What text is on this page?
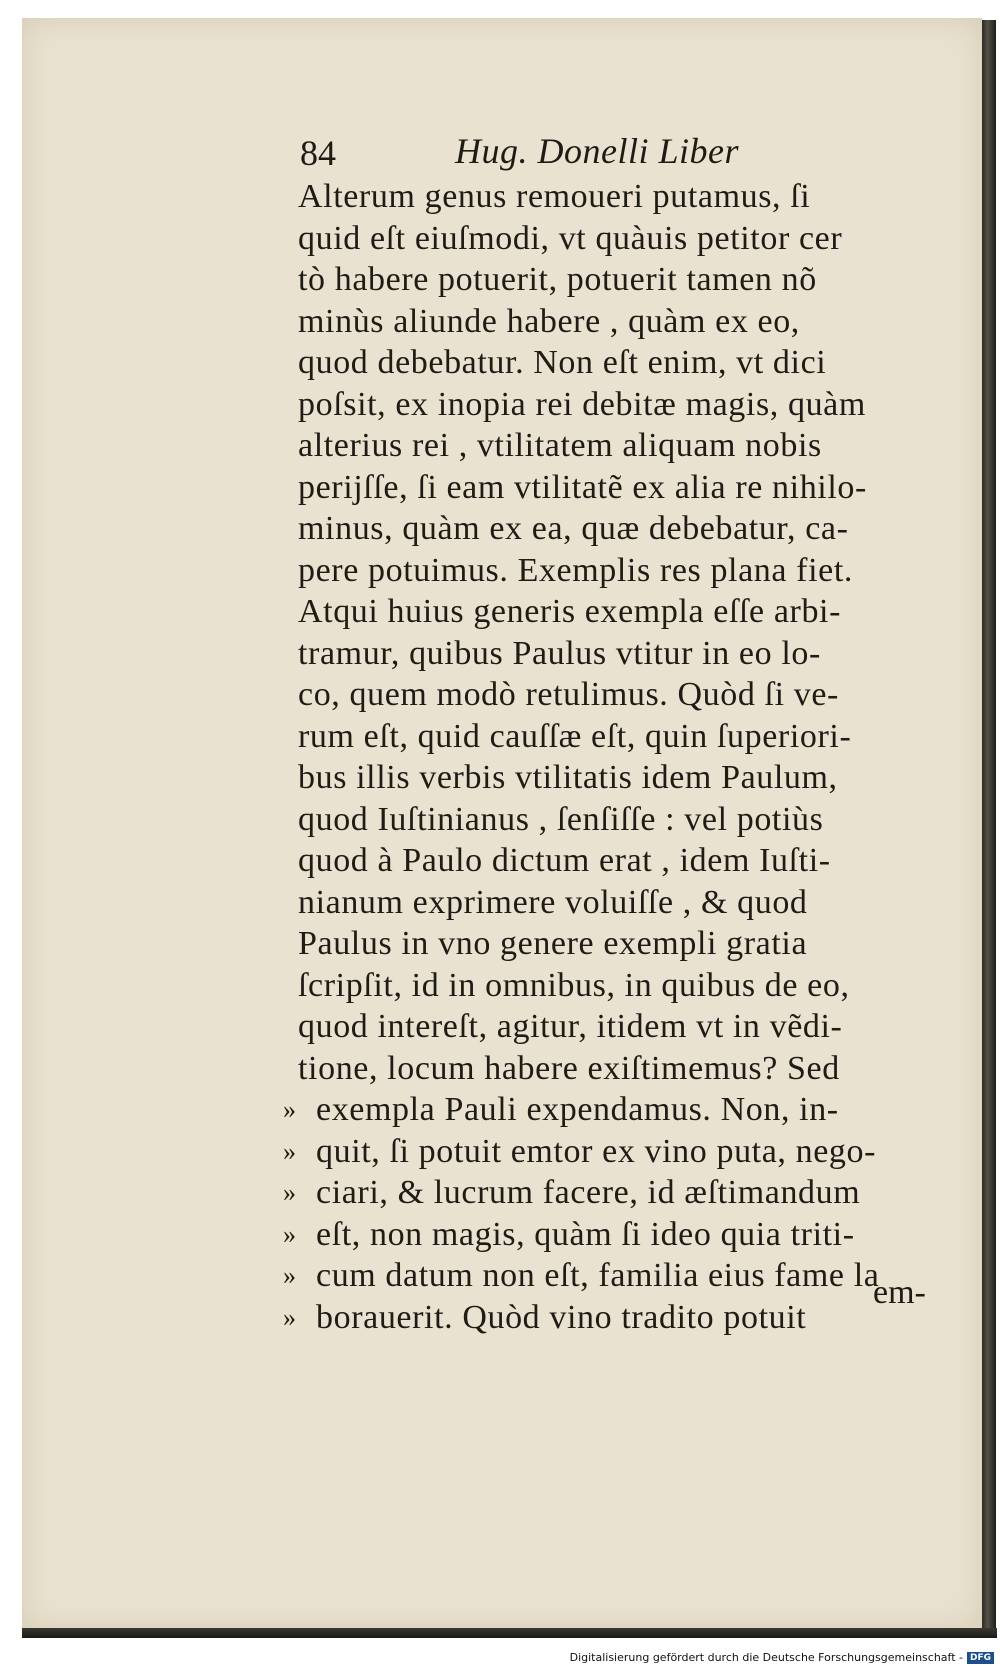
84	Hug. Donelli Liber
Alterum genus remoueri putamus, ſi
quid eſt eiuſmodi, vt quàuis petitor cer
tò habere potuerit, potuerit tamen nõ
minùs aliunde habere , quàm ex eo,
quod debebatur. Non eſt enim, vt dici
poſsit, ex inopia rei debitæ magis, quàm
alterius rei , vtilitatem aliquam nobis
perijſſe, ſi eam vtilitatẽ ex alia re nihilo-
minus, quàm ex ea, quæ debebatur, ca-
pere potuimus. Exemplis res plana fiet.
Atqui huius generis exempla eſſe arbi-
tramur, quibus Paulus vtitur in eo lo-
co, quem modò retulimus. Quòd ſi ve-
rum eſt, quid cauſſæ eſt, quin ſuperiori-
bus illis verbis vtilitatis idem Paulum,
quod Iuſtinianus , ſenſiſſe : vel potiùs
quod à Paulo dictum erat , idem Iuſti-
nianum exprimere voluiſſe , & quod
Paulus in vno genere exempli gratia
ſcripſit, id in omnibus, in quibus de eo,
quod intereſt, agitur, itidem vt in vẽdi-
tione, locum habere exiſtimemus? Sed
» exempla Pauli expendamus. Non, in-
» quit, ſi potuit emtor ex vino puta, nego-
» ciari, & lucrum facere, id æſtimandum
» eſt, non magis, quàm ſi ideo quia triti-
» cum datum non eſt, familia eius fame la
» borauerit. Quòd vino tradito potuit
em-
Digitalisierung gefördert durch die Deutsche Forschungsgemeinschaft - DFG
